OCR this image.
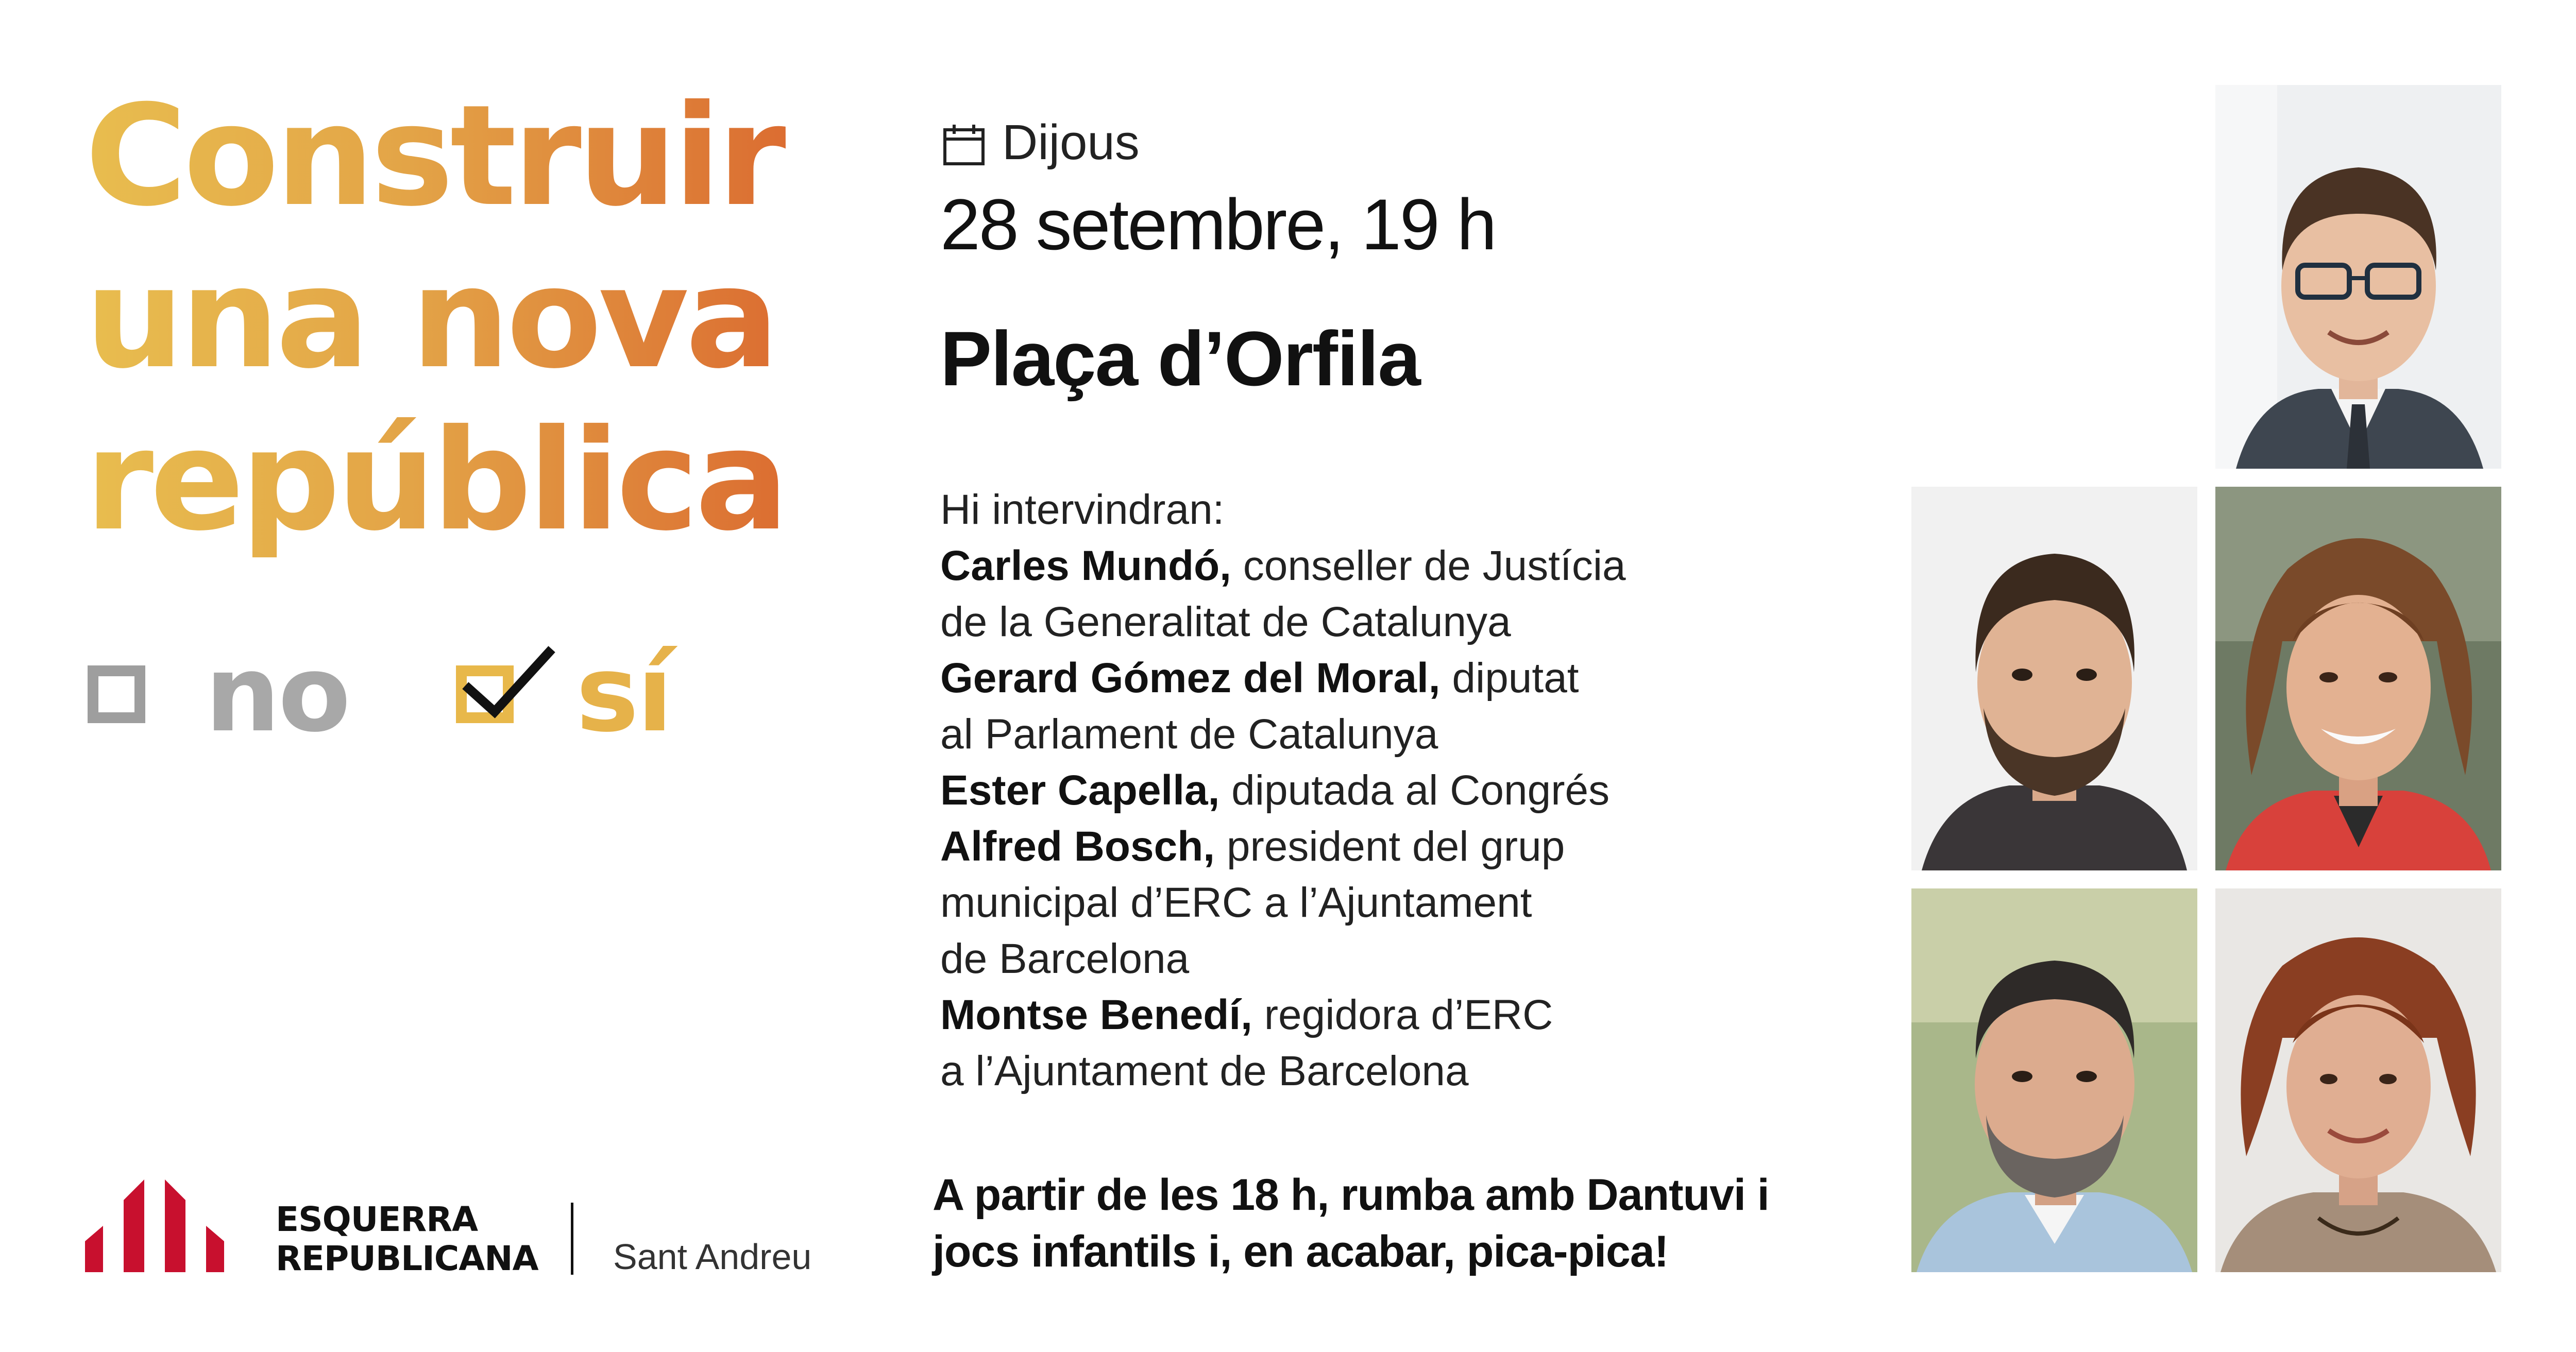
Construir
una nova
república
no sí
ESQUERRA
REPUBLICANA Sant Andreu
Dijous
28 setembre, 19 h
Plaça d’Orfila
Hi intervindran:
Carles Mundó, conseller de Justícia
de la Generalitat de Catalunya
Gerard Gómez del Moral, diputat
al Parlament de Catalunya
Ester Capella, diputada al Congrés
Alfred Bosch, president del grup
municipal d’ERC a l’Ajuntament
de Barcelona
Montse Benedí, regidora d’ERC
a l’Ajuntament de Barcelona
A partir de les 18 h, rumba amb Dantuvi i
jocs infantils i, en acabar, pica-pica!
